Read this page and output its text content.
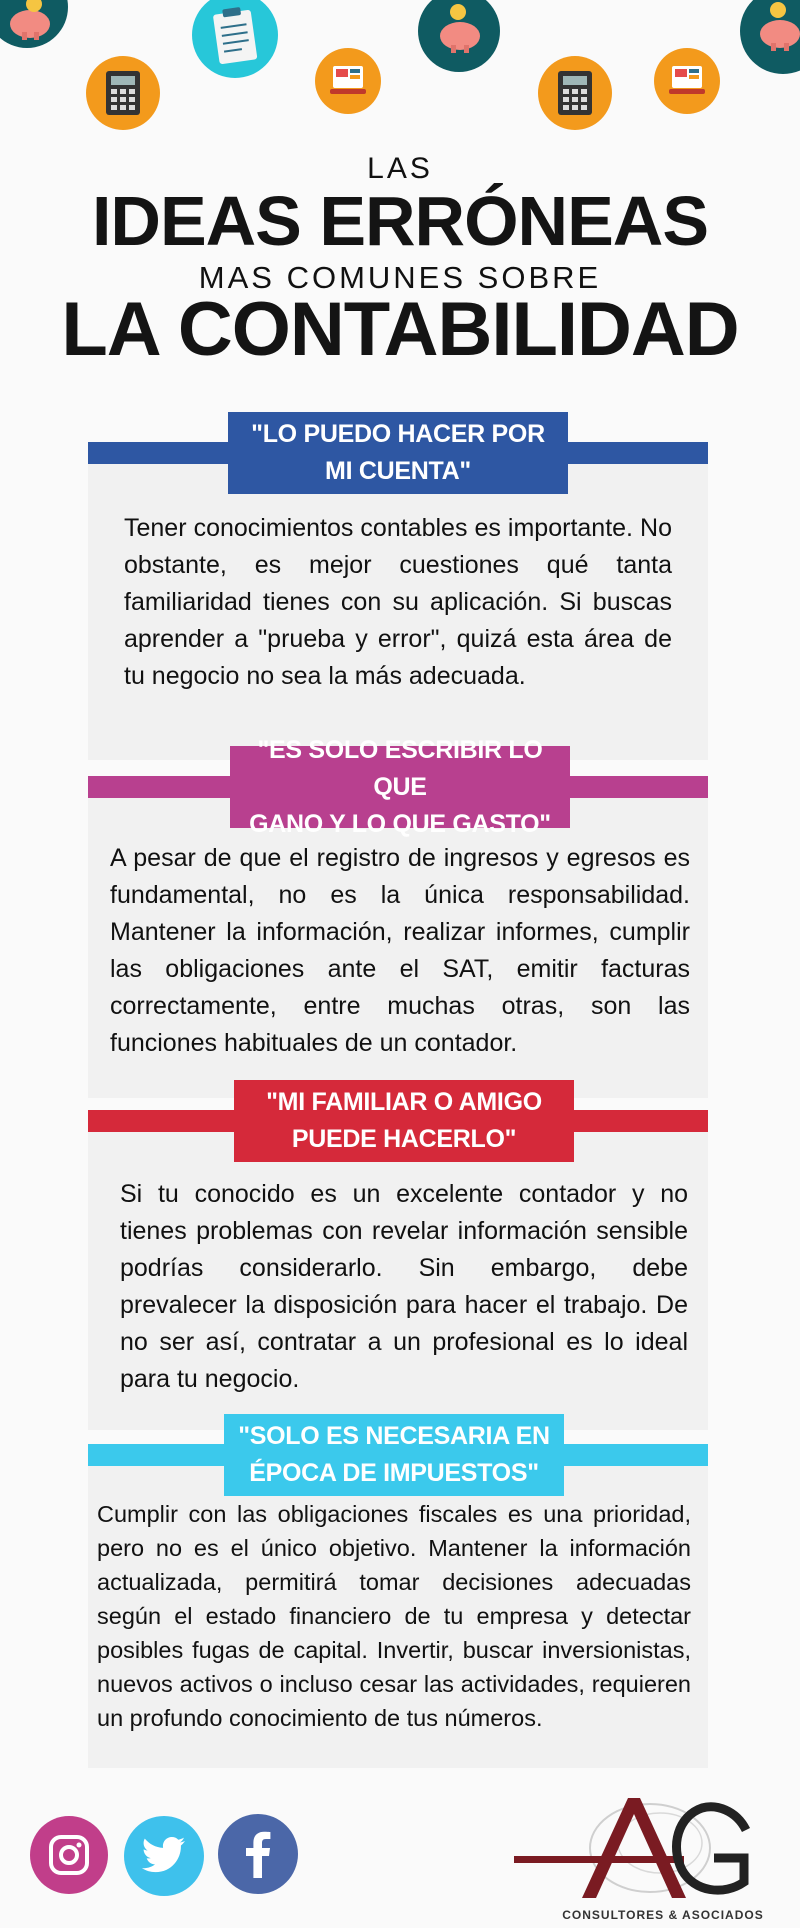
LAS
IDEAS ERRÓNEAS
MAS COMUNES SOBRE
LA CONTABILIDAD
"LO PUEDO HACER POR
MI CUENTA"
Tener conocimientos contables es importante. No obstante, es mejor cuestiones qué tanta familiaridad tienes con su aplicación. Si buscas aprender a "prueba y error", quizá esta área de tu negocio no sea la más adecuada.
"ES SOLO ESCRIBIR LO QUE
GANO Y LO QUE GASTO"
A pesar de que el registro de ingresos y egresos es fundamental, no es la única responsabilidad. Mantener la información, realizar informes, cumplir las obligaciones ante el SAT, emitir facturas correctamente, entre muchas otras, son las funciones habituales de un contador.
"MI FAMILIAR O AMIGO
PUEDE HACERLO"
Si tu conocido es un excelente contador y no tienes problemas con revelar información sensible podrías considerarlo. Sin embargo, debe prevalecer la disposición para hacer el trabajo. De no ser así, contratar a un profesional es lo ideal para tu negocio.
"SOLO ES NECESARIA EN
ÉPOCA DE IMPUESTOS"
Cumplir con las obligaciones fiscales es una prioridad, pero no es el único objetivo. Mantener la información actualizada, permitirá tomar decisiones adecuadas según el estado financiero de tu empresa y detectar posibles fugas de capital. Invertir, buscar inversionistas, nuevos activos o incluso cesar las actividades, requieren un profundo conocimiento de tus números.
CONSULTORES & ASOCIADOS
